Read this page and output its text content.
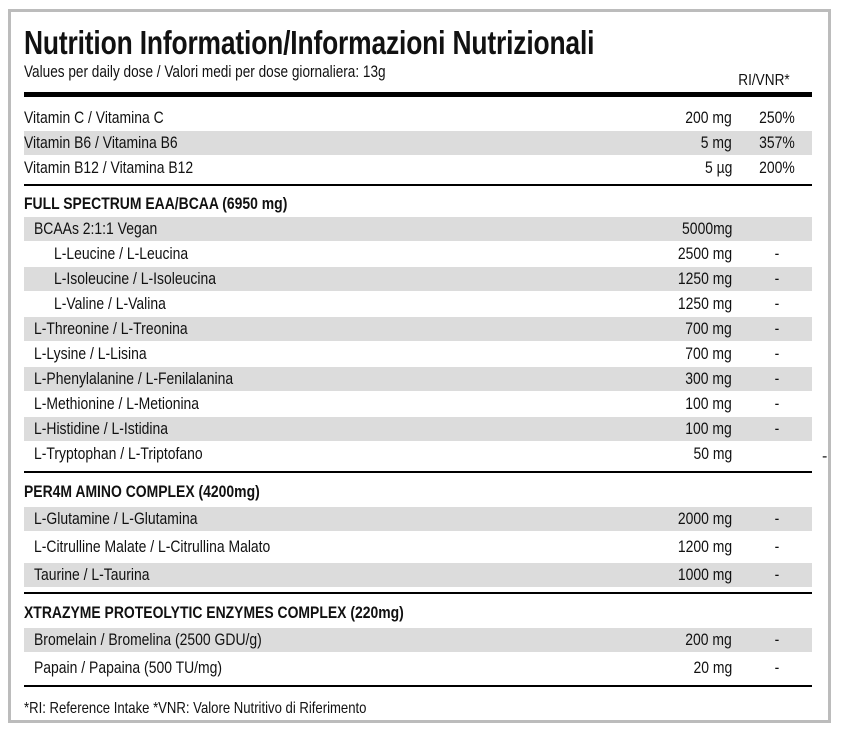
Nutrition Information/Informazioni Nutrizionali
Values per daily dose / Valori medi per dose giornaliera: 13g	RI/VNR*
Vitamin C / Vitamina C	200 mg	250%
Vitamin B6 / Vitamina B6	5 mg	357%
Vitamin B12 / Vitamina B12	5 µg	200%
FULL SPECTRUM EAA/BCAA (6950 mg)
BCAAs 2:1:1 Vegan	5000mg
L-Leucine / L-Leucina	2500 mg	-
L-Isoleucine / L-Isoleucina	1250 mg	-
L-Valine / L-Valina	1250 mg	-
L-Threonine / L-Treonina	700 mg	-
L-Lysine / L-Lisina	700 mg	-
L-Phenylalanine / L-Fenilalanina	300 mg	-
L-Methionine / L-Metionina	100 mg	-
L-Histidine / L-Istidina	100 mg	-
L-Tryptophan / L-Triptofano	50 mg
PER4M AMINO COMPLEX (4200mg)
L-Glutamine / L-Glutamina	2000 mg	-
L-Citrulline Malate / L-Citrullina Malato	1200 mg	-
Taurine / L-Taurina	1000 mg	-
XTRAZYME PROTEOLYTIC ENZYMES COMPLEX (220mg)
Bromelain / Bromelina (2500 GDU/g)	200 mg	-
Papain / Papaina (500 TU/mg)	20 mg	-
*RI: Reference Intake *VNR: Valore Nutritivo di Riferimento
-
